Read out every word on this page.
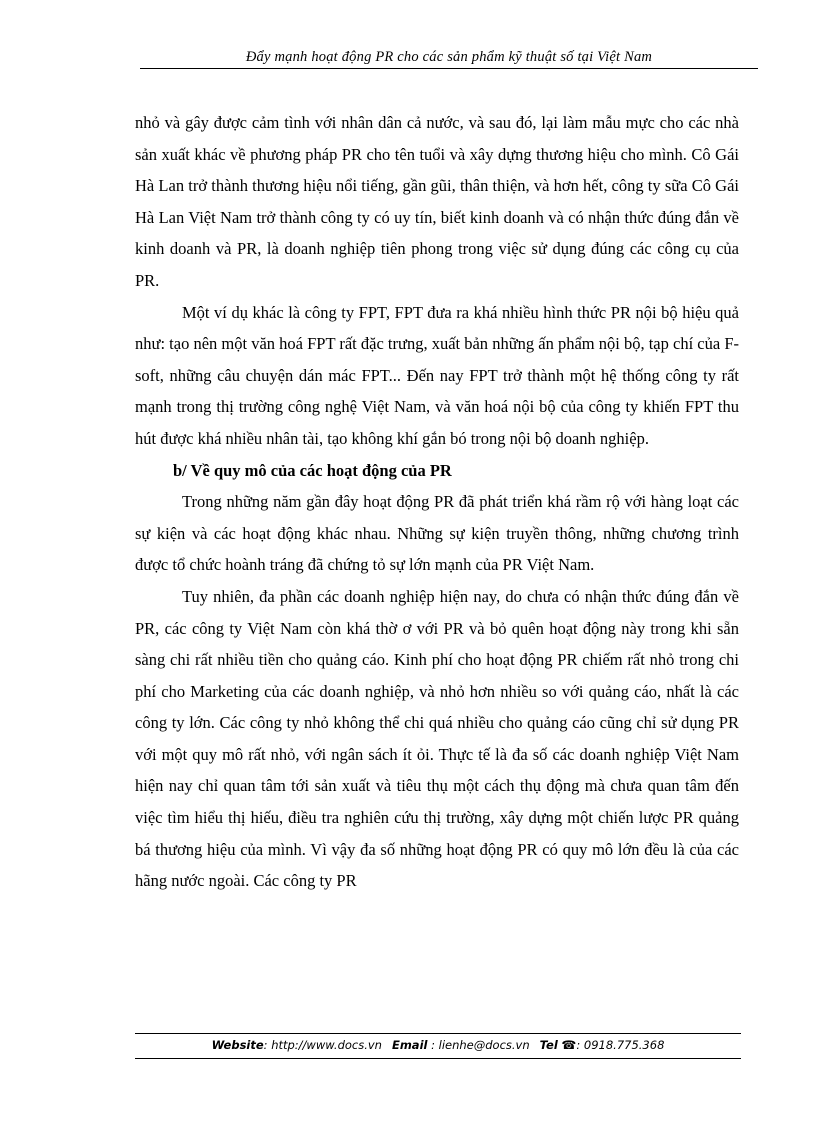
Đẩy mạnh hoạt động PR cho các sản phẩm kỹ thuật số tại Việt Nam

nhỏ và gây được cảm tình với nhân dân cả nước, và sau đó, lại làm mẫu mực cho các nhà sản xuất khác về phương pháp PR cho tên tuổi và xây dựng thương hiệu cho mình. Cô Gái Hà Lan trở thành thương hiệu nổi tiếng, gần gũi, thân thiện, và hơn hết, công ty sữa Cô Gái Hà Lan Việt Nam trở thành công ty có uy tín, biết kinh doanh và có nhận thức đúng đắn về kinh doanh và PR, là doanh nghiệp tiên phong trong việc sử dụng đúng các công cụ của PR.

Một ví dụ khác là công ty FPT, FPT đưa ra khá nhiều hình thức PR nội bộ hiệu quả như: tạo nên một văn hoá FPT rất đặc trưng, xuất bản những ấn phẩm nội bộ, tạp chí của F-soft, những câu chuyện dán mác FPT... Đến nay FPT trở thành một hệ thống công ty rất mạnh trong thị trường công nghệ Việt Nam, và văn hoá nội bộ của công ty khiến FPT thu hút được khá nhiều nhân tài, tạo không khí gắn bó trong nội bộ doanh nghiệp.

b/ Về quy mô của các hoạt động của PR

Trong những năm gần đây hoạt động PR đã phát triển khá rầm rộ với hàng loạt các sự kiện và các hoạt động khác nhau. Những sự kiện truyền thông, những chương trình được tổ chức hoành tráng đã chứng tỏ sự lớn mạnh của PR Việt Nam.

Tuy nhiên, đa phần các doanh nghiệp hiện nay, do chưa có nhận thức đúng đắn về PR, các công ty Việt Nam còn khá thờ ơ với PR và bỏ quên hoạt động này trong khi sẵn sàng chi rất nhiều tiền cho quảng cáo. Kinh phí cho hoạt động PR chiếm rất nhỏ trong chi phí cho Marketing của các doanh nghiệp, và nhỏ hơn nhiều so với quảng cáo, nhất là các công ty lớn. Các công ty nhỏ không thể chi quá nhiều cho quảng cáo cũng chỉ sử dụng PR với một quy mô rất nhỏ, với ngân sách ít ỏi. Thực tế là đa số các doanh nghiệp Việt Nam hiện nay chỉ quan tâm tới sản xuất và tiêu thụ một cách thụ động mà chưa quan tâm đến việc tìm hiểu thị hiếu, điều tra nghiên cứu thị trường, xây dựng một chiến lược PR quảng bá thương hiệu của mình. Vì vậy đa số những hoạt động PR có quy mô lớn đều là của các hãng nước ngoài. Các công ty PR

Website: http://www.docs.vn Email : lienhe@docs.vn Tel ☎: 0918.775.368
